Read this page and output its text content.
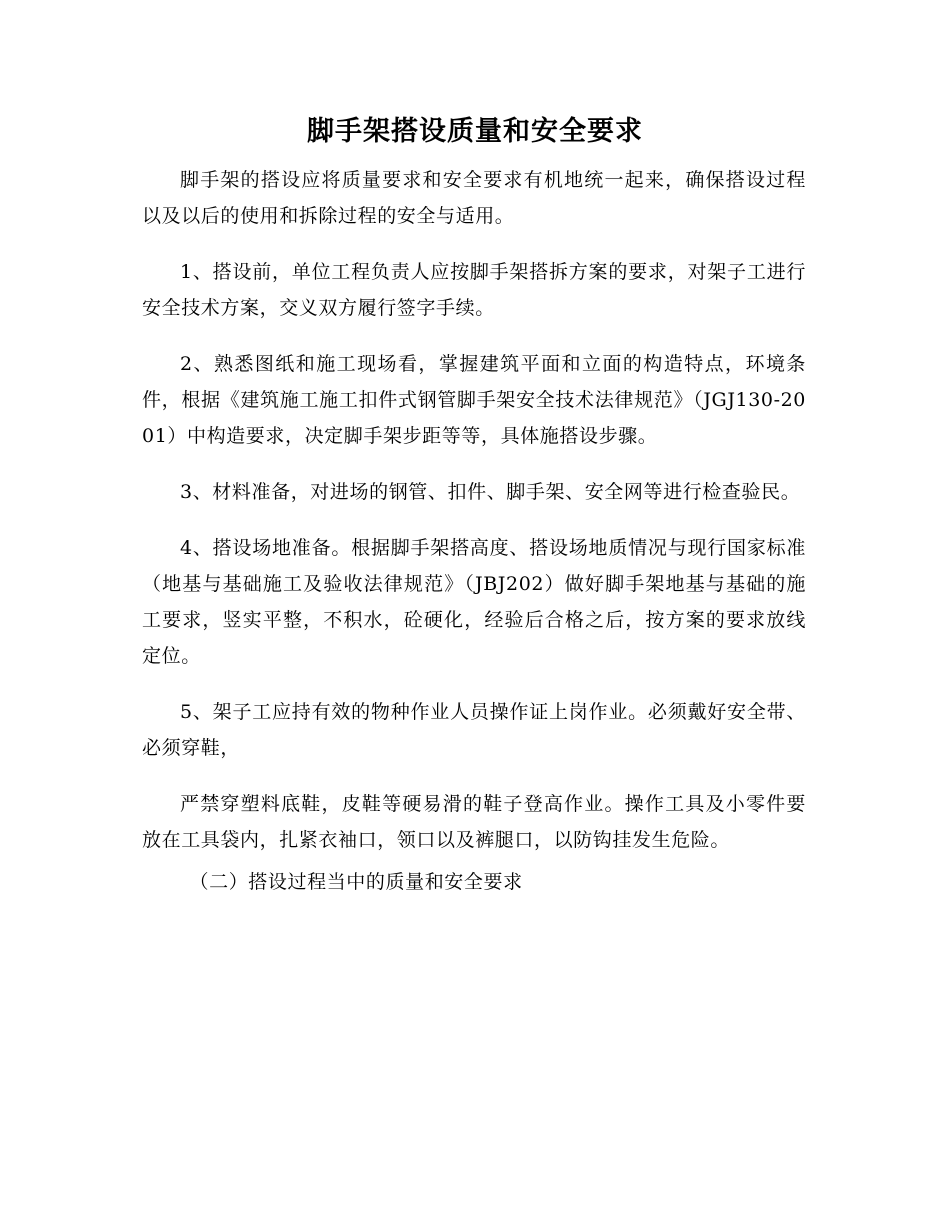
脚手架搭设质量和安全要求

脚手架的搭设应将质量要求和安全要求有机地统一起来，确保搭设过程以及以后的使用和拆除过程的安全与适用。

1、搭设前，单位工程负责人应按脚手架搭拆方案的要求，对架子工进行安全技术方案，交义双方履行签字手续。

2、熟悉图纸和施工现场看，掌握建筑平面和立面的构造特点，环境条件，根据《建筑施工施工扣件式钢管脚手架安全技术法律规范》（JGJ130-2001）中构造要求，决定脚手架步距等等，具体施搭设步骤。

3、材料准备，对进场的钢管、扣件、脚手架、安全网等进行检查验民。

4、搭设场地准备。根据脚手架搭高度、搭设场地质情况与现行国家标准（地基与基础施工及验收法律规范》（JBJ202）做好脚手架地基与基础的施工要求，竖实平整，不积水，砼硬化，经验后合格之后，按方案的要求放线定位。

5、架子工应持有效的物种作业人员操作证上岗作业。必须戴好安全带、必须穿鞋，

严禁穿塑料底鞋，皮鞋等硬易滑的鞋子登高作业。操作工具及小零件要放在工具袋内，扎紧衣袖口，领口以及裤腿口，以防钩挂发生危险。

（二）搭设过程当中的质量和安全要求
